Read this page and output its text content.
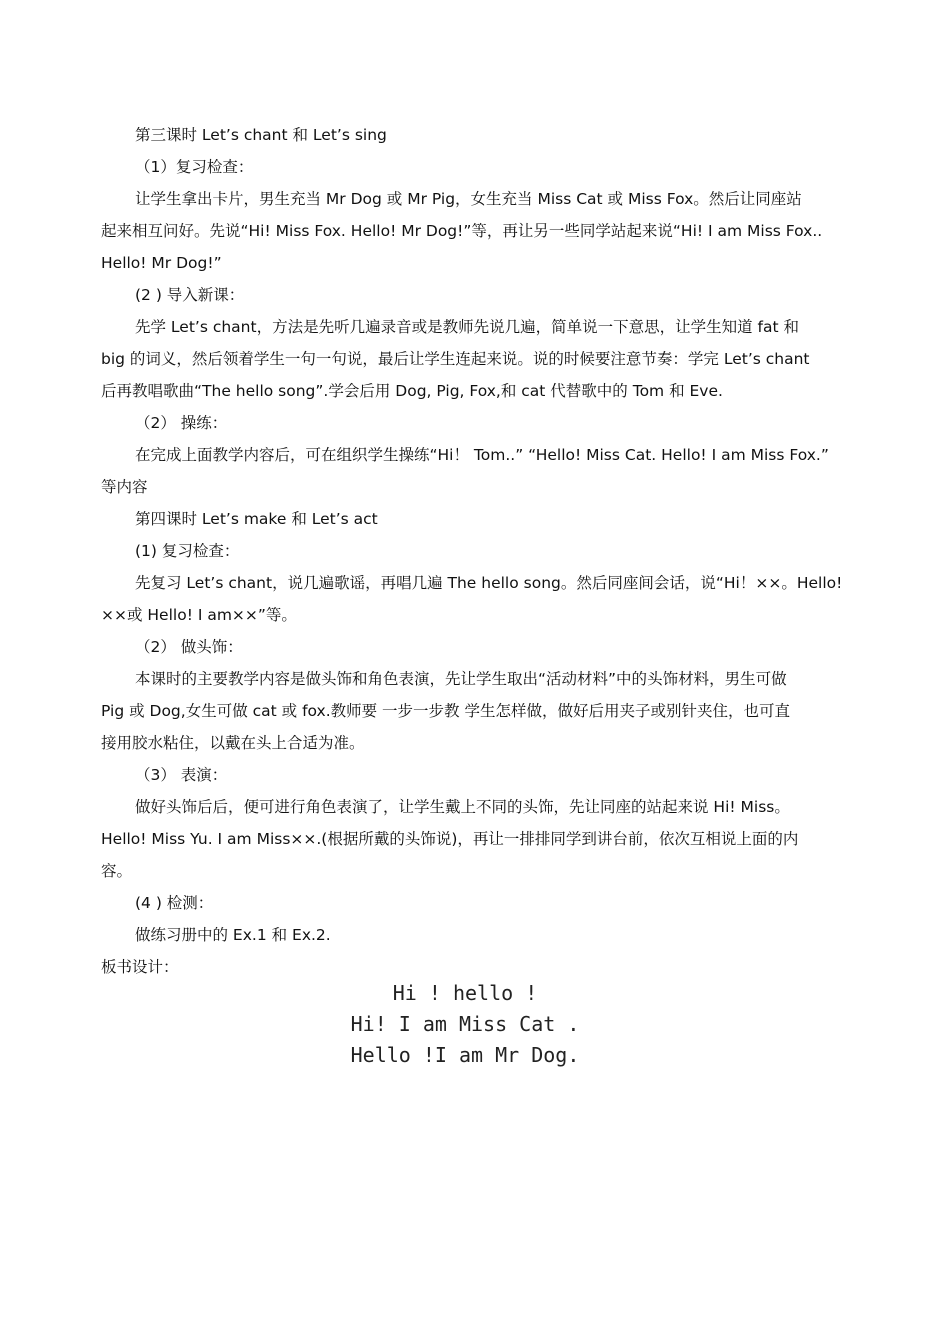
第三课时 Let’s chant 和 Let’s sing
（1）复习检查：
让学生拿出卡片，男生充当 Mr Dog 或 Mr Pig，女生充当 Miss Cat 或 Miss Fox。然后让同座站
起来相互问好。先说“Hi! Miss Fox. Hello! Mr Dog!”等，再让另一些同学站起来说“Hi! I am Miss Fox..
Hello! Mr Dog!”
(2 ) 导入新课：
先学 Let’s chant，方法是先听几遍录音或是教师先说几遍，简单说一下意思，让学生知道 fat 和
big 的词义，然后领着学生一句一句说，最后让学生连起来说。说的时候要注意节奏：学完 Let’s chant
后再教唱歌曲“The hello song”.学会后用 Dog, Pig, Fox,和 cat 代替歌中的 Tom 和 Eve.
（2） 操练：
在完成上面教学内容后，可在组织学生操练“Hi！ Tom..” “Hello! Miss Cat. Hello! I am Miss Fox.”
等内容
第四课时 Let’s make 和 Let’s act
(1) 复习检查：
先复习 Let’s chant，说几遍歌谣，再唱几遍 The hello song。然后同座间会话，说“Hi！××。Hello!
××或 Hello! I am××”等。
（2） 做头饰：
本课时的主要教学内容是做头饰和角色表演，先让学生取出“活动材料”中的头饰材料，男生可做
Pig 或 Dog,女生可做 cat 或 fox.教师要 一步一步教 学生怎样做，做好后用夹子或别针夹住，也可直
接用胶水粘住，以戴在头上合适为准。
（3） 表演：
做好头饰后后，便可进行角色表演了，让学生戴上不同的头饰，先让同座的站起来说 Hi! Miss。
Hello! Miss Yu. I am Miss××.(根据所戴的头饰说)，再让一排排同学到讲台前，依次互相说上面的内
容。
(4 ) 检测：
做练习册中的 Ex.1 和 Ex.2.
板书设计：
Hi ! hello !
Hi! I am Miss Cat .
Hello !I am Mr Dog.
